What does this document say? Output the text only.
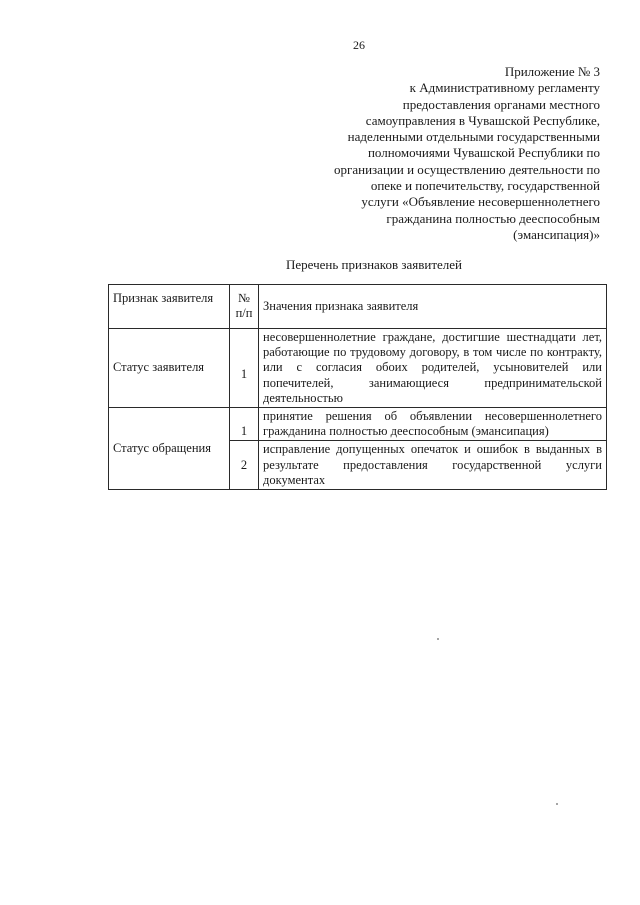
26
Приложение № 3
к Административному регламенту
предоставления органами местного
самоуправления в Чувашской Республике,
наделенными отдельными государственными
полномочиями Чувашской Республики по
организации и осуществлению деятельности по
опеке и попечительству, государственной
услуги «Объявление несовершеннолетнего
гражданина полностью дееспособным
(эмансипация)»
Перечень признаков заявителей
Признак заявителя	№ п/п	Значения признака заявителя
Статус заявителя	1	несовершеннолетние граждане, достигшие шестнадцати лет, работающие по трудовому договору, в том числе по контракту, или с согласия обоих родителей, усыновителей или попечителей, занимающиеся предпринимательской деятельностью
Статус обращения	1	принятие решения об объявлении несовершеннолетнего гражданина полностью дееспособным (эмансипация)
	2	исправление допущенных опечаток и ошибок в выданных в результате предоставления государственной услуги документах
